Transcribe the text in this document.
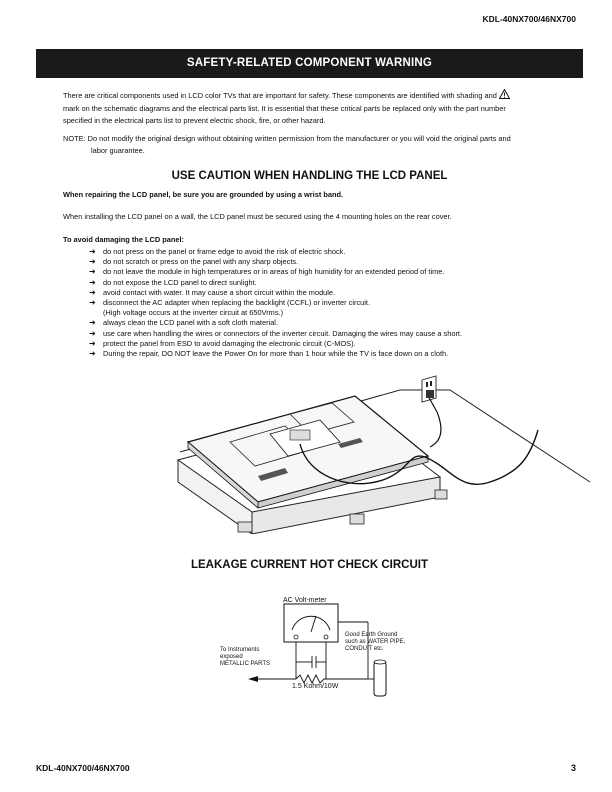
KDL-40NX700/46NX700
SAFETY-RELATED COMPONENT WARNING
There are critical components used in LCD color TVs that are important for safety. These components are identified with shading and
mark on the schematic diagrams and the electrical parts list. It is essential that these critical parts be replaced only with the part number
specified in the electrical parts list to prevent electric shock, fire, or other hazard.
NOTE: Do not modify the original design without obtaining written permission from the manufacturer or you will void the original parts and
labor guarantee.
USE CAUTION WHEN HANDLING THE LCD PANEL
When repairing the LCD panel, be sure you are grounded by using a wrist band.
When installing the LCD panel on a wall, the LCD panel must be secured using the 4 mounting holes on the rear cover.
To avoid damaging the LCD panel:
➜ do not press on the panel or frame edge to avoid the risk of electric shock.
➜ do not scratch or press on the panel with any sharp objects.
➜ do not leave the module in high temperatures or in areas of high humidity for an extended period of time.
➜ do not expose the LCD panel to direct sunlight.
➜ avoid contact with water. It may cause a short circuit within the module.
➜ disconnect the AC adapter when replacing the backlight (CCFL) or inverter circuit.
(High voltage occurs at the inverter circuit at 650Vrms.)
➜ always clean the LCD panel with a soft cloth material.
➜ use care when handling the wires or connectors of the inverter circuit. Damaging the wires may cause a short.
➜ protect the panel from ESD to avoid damaging the electronic circuit (C-MOS).
➜ During the repair, DO NOT leave the Power On for more than 1 hour while the TV is face down on a cloth.
LEAKAGE CURRENT HOT CHECK CIRCUIT
AC Volt-meter
To Instruments
exposed
METALLIC PARTS
Good Earth Ground
such as WATER PIPE,
CONDUIT etc.
1.5 Kohm/10W
KDL-40NX700/46NX700	3
